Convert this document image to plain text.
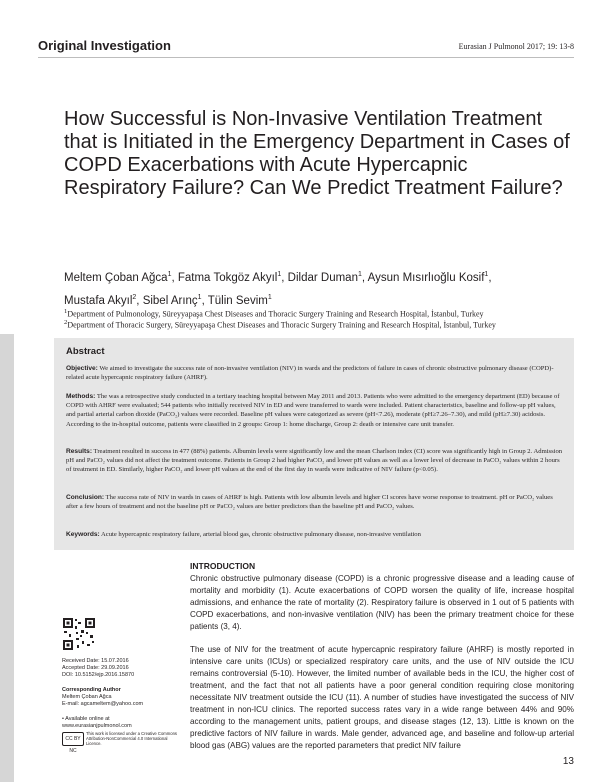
Original Investigation	Eurasian J Pulmonol 2017; 19: 13-8
How Successful is Non-Invasive Ventilation Treatment that is Initiated in the Emergency Department in Cases of COPD Exacerbations with Acute Hypercapnic Respiratory Failure? Can We Predict Treatment Failure?
Meltem Çoban Ağca$^1$, Fatma Tokgöz Akyıl$^1$, Dildar Duman$^1$, Aysun Mısırlıoğlu Kosif$^1$,
Mustafa Akyıl$^2$, Sibel Arınç$^1$, Tülin Sevim$^1$
$^1$Department of Pulmonology, Süreyyapaşa Chest Diseases and Thoracic Surgery Training and Research Hospital, İstanbul, Turkey
$^2$Department of Thoracic Surgery, Süreyyapaşa Chest Diseases and Thoracic Surgery Training and Research Hospital, İstanbul, Turkey
Abstract

Objective: We aimed to investigate the success rate of non-invasive ventilation (NIV) in wards and the predictors of failure in cases of chronic obstructive pulmonary disease (COPD)-related acute hypercapnic respiratory failure (AHRF).

Methods: The was a retrospective study conducted in a tertiary teaching hospital between May 2011 and 2013. Patients who were admitted to the emergency department (ED) because of COPD with AHRF were evaluated; 544 patients who initially received NIV in ED and were transferred to wards were included. Patient characteristics, baseline and follow-up pH values, and partial arterial carbon dioxide (PaCO₂) values were recorded. Baseline pH values were categorized as severe (pH<7.26), moderate (pH≥7.26–7.30), and mild (pH≥7.30) acidosis. According to the in-hospital outcome, patients were classified in 2 groups: Group 1: home discharge, Group 2: death or intensive care unit transfer.

Results: Treatment resulted in success in 477 (88%) patients. Albumin levels were significantly low and the mean Charlson index (CI) score was significantly high in Group 2. Admission pH and PaCO₂ values did not affect the treatment outcome. Patients in Group 2 had higher PaCO₂ and lower pH values as well as a lower level of decrease in PaCO₂ values within 2 hours of treatment in ED. Similarly, higher PaCO₂ and lower pH values at the end of the first day in wards were indicative of NIV failure (p<0.05).

Conclusion: The success rate of NIV in wards in cases of AHRF is high. Patients with low albumin levels and higher CI scores have worse response to treatment. pH or PaCO₂ values after a few hours of treatment and not the baseline pH or PaCO₂ values are better predictors than the baseline pH and PaCO₂ values.

Keywords: Acute hypercapnic respiratory failure, arterial blood gas, chronic obstructive pulmonary disease, non-invasive ventilation

INTRODUCTION

Chronic obstructive pulmonary disease (COPD) is a chronic progressive disease and a leading cause of mortality and morbidity (1). Acute exacerbations of COPD worsen the quality of life, increase hospital admissions, and enhance the rate of mortality (2). Respiratory failure is observed in 1 out of 5 patients with COPD exacerbations, and non-invasive ventilation (NIV) has been the primary treatment choice for these patients (3, 4).

The use of NIV for the treatment of acute hypercapnic respiratory failure (AHRF) is mostly reported in intensive care units (ICUs) or specialized respiratory care units, and the use of NIV outside the ICU remains controversial (5-10). However, the limited number of available beds in the ICU, the higher cost of treatment, and the fact that not all patients have a poor general condition requiring close monitoring necessitate NIV treatment outside the ICU (11). A number of studies have investigated the success of NIV treatment in non-ICU clinics. The reported success rates vary in a wide range between 44% and 90% according to the management units, patient groups, and disease stages (12, 13). Little is known on the predictive factors of NIV failure in wards. Male gender, advanced age, and baseline and follow-up arterial blood gas (ABG) values are the reported parameters that predict NIV failure

Received Date: 15.07.2016
Accepted Date: 29.09.2016
DOI: 10.5152/ejp.2016.15870
Corresponding Author
Meltem Çoban Ağca
E-mail: agcameltem@yahoo.com
• Available online at www.eurasianjpulmonol.com
CC BY NC
This work is licensed under a Creative Commons Attribution-NonCommercial 4.0 International Licence.
13
